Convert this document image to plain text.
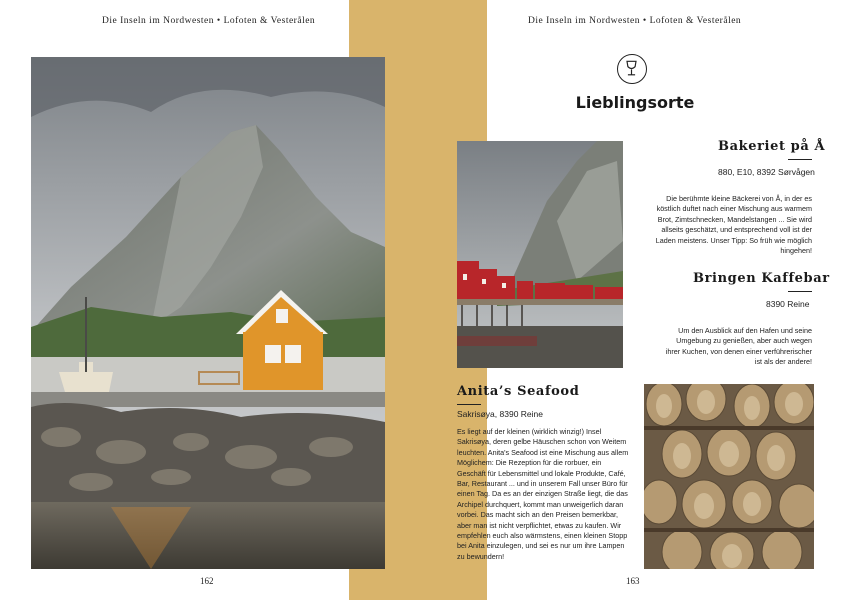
Die Inseln im Nordwesten • Lofoten & Vesterålen
162
Die Inseln im Nordwesten • Lofoten & Vesterålen
Lieblingsorte
Bakeriet på Å
880, E10, 8392 Sørvågen
Die berühmte kleine Bäckerei von Å, in der es köstlich duftet nach einer Mischung aus warmem Brot, Zimtschnecken, Mandelstangen ... Sie wird allseits geschätzt, und entsprechend voll ist der Laden meistens. Unser Tipp: So früh wie möglich hingehen!
Bringen Kaffebar
8390 Reine
Um den Ausblick auf den Hafen und seine Umgebung zu genießen, aber auch wegen ihrer Kuchen, von denen einer verführerischer ist als der andere!
Anita’s Seafood
Sakrisøya, 8390 Reine
Es liegt auf der kleinen (wirklich winzig!) Insel Sakrisøya, deren gelbe Häuschen schon von Weitem leuchten. Anita's Seafood ist eine Mischung aus allem Möglichem: Die Rezeption für die rorbuer, ein Geschäft für Lebensmittel und lokale Produkte, Café, Bar, Restaurant ... und in unserem Fall unser Büro für einen Tag. Da es an der einzigen Straße liegt, die das Archipel durchquert, kommt man unweigerlich daran vorbei. Das macht sich an den Preisen bemerkbar, aber man ist nicht verpflichtet, etwas zu kaufen. Wir empfehlen euch also wärmstens, einen kleinen Stopp bei Anita einzulegen, und sei es nur um ihre Lampen zu bewundern!
163
